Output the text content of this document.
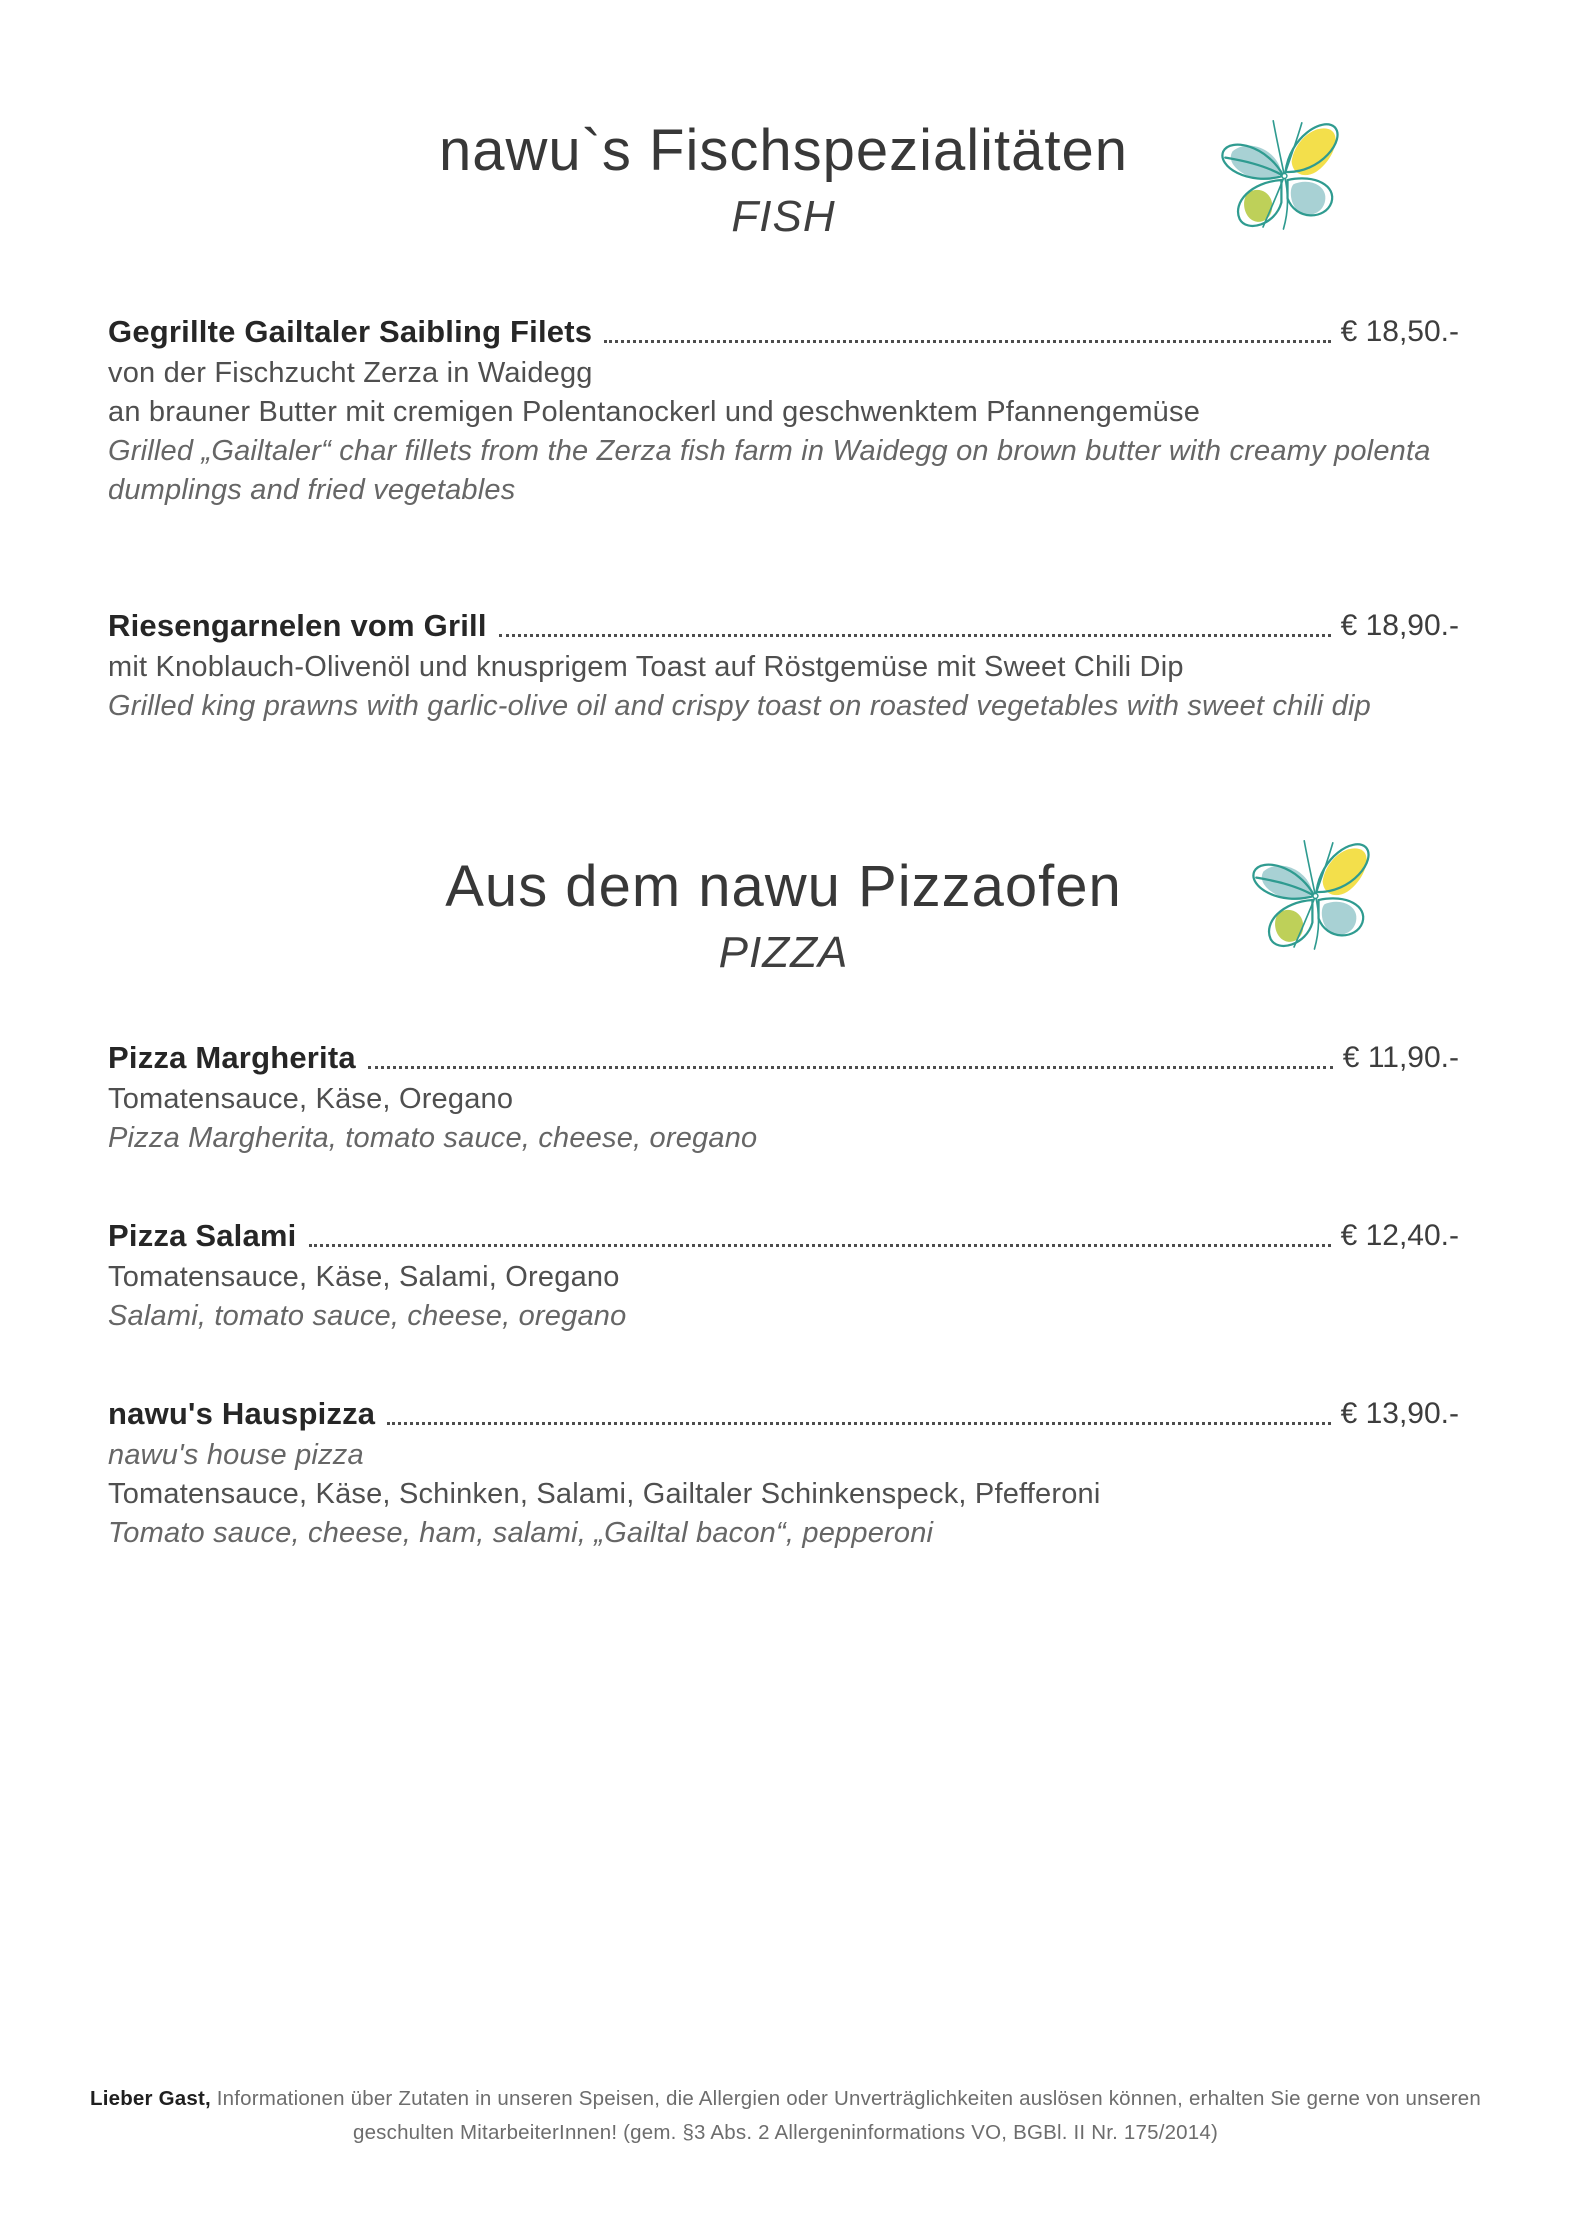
nawu`s Fischspezialitäten
FISH
Gegrillte Gailtaler Saibling Filets	€ 18,50.-
von der Fischzucht Zerza in Waidegg
an brauner Butter mit cremigen Polentanockerl und geschwenktem Pfannengemüse
Grilled „Gailtaler“ char fillets from the Zerza fish farm in Waidegg on brown butter with creamy polenta dumplings and fried vegetables
Riesengarnelen vom Grill	€ 18,90.-
mit Knoblauch-Olivenöl und knusprigem Toast auf Röstgemüse mit Sweet Chili Dip
Grilled king prawns with garlic-olive oil and crispy toast on roasted vegetables with sweet chili dip
Aus dem nawu Pizzaofen
PIZZA
Pizza Margherita	€ 11,90.-
Tomatensauce, Käse, Oregano
Pizza Margherita, tomato sauce, cheese, oregano
Pizza Salami	€ 12,40.-
Tomatensauce, Käse, Salami, Oregano
Salami, tomato sauce, cheese, oregano
nawu's Hauspizza	€ 13,90.-
nawu's house pizza
Tomatensauce, Käse, Schinken, Salami, Gailtaler Schinkenspeck, Pfefferoni
Tomato sauce, cheese, ham, salami, „Gailtal bacon“, pepperoni

Lieber Gast, Informationen über Zutaten in unseren Speisen, die Allergien oder Unverträglichkeiten auslösen können, erhalten Sie gerne von unseren geschulten MitarbeiterInnen! (gem. §3 Abs. 2 Allergeninformations VO, BGBl. II Nr. 175/2014)
